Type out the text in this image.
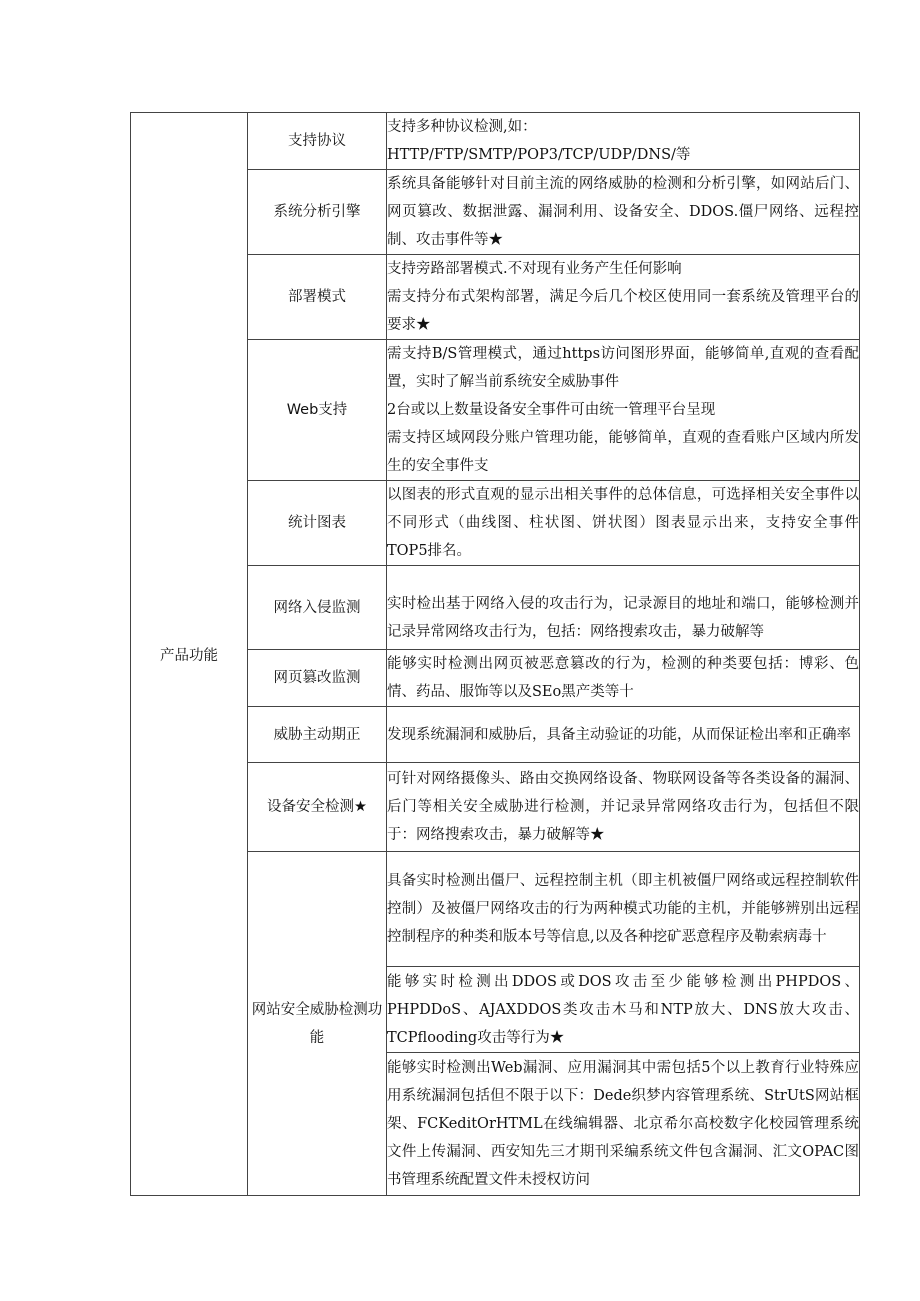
产品功能	支持协议	支持多种协议检测,如：
HTTP/FTP/SMTP/POP3/TCP/UDP/DNS/等

	系统分析引擎	系统具备能够针对目前主流的网络威胁的检测和分析引擎，如网站后门、网页篡改、数据泄露、漏洞利用、设备安全、DDOS.僵尸网络、远程控制、攻击事件等★

	部署模式	支持旁路部署模式.不对现有业务产生任何影响
需支持分布式架构部署，满足今后几个校区使用同一套系统及管理平台的要求★

	Web支持	需支持B/S管理模式，通过https访问图形界面，能够简单,直观的查看配置，实时了解当前系统安全威胁事件
2台或以上数量设备安全事件可由统一管理平台呈现
需支持区域网段分账户管理功能，能够简单，直观的查看账户区域内所发生的安全事件支

	统计图表	以图表的形式直观的显示出相关事件的总体信息，可选择相关安全事件以不同形式（曲线图、柱状图、饼状图）图表显示出来，支持安全事件TOP5排名。

	网络入侵监测	实时检出基于网络入侵的攻击行为，记录源目的地址和端口，能够检测并记录异常网络攻击行为，包括：网络搜索攻击，暴力破解等

	网页篡改监测	能够实时检测出网页被恶意篡改的行为，检测的种类要包括：博彩、色情、药品、服饰等以及SEo黑产类等十

	威胁主动期正	发现系统漏洞和威胁后，具备主动验证的功能，从而保证检出率和正确率

	设备安全检测★	可针对网络摄像头、路由交换网络设备、物联网设备等各类设备的漏洞、后门等相关安全威胁进行检测，并记录异常网络攻击行为，包括但不限于：网络搜索攻击，暴力破解等★

	网站安全威胁检测功能	具备实时检测出僵尸、远程控制主机（即主机被僵尸网络或远程控制软件控制）及被僵尸网络攻击的行为两种模式功能的主机，并能够辨别出远程控制程序的种类和版本号等信息,以及各种挖矿恶意程序及勒索病毒十

		能够实时检测出DDOS或DOS攻击至少能够检测出PHPDOS、PHPDDoS、AJAXDDOS类攻击木马和NTP放大、DNS放大攻击、TCPflooding攻击等行为★

		能够实时检测出Web漏洞、应用漏洞其中需包括5个以上教育行业特殊应用系统漏洞包括但不限于以下：Dede织梦内容管理系统、StrUtS网站框架、FCKeditOrHTML在线编辑器、北京希尔高校数字化校园管理系统文件上传漏洞、西安知先三才期刊采编系统文件包含漏洞、汇文OPAC图书管理系统配置文件未授权访问
